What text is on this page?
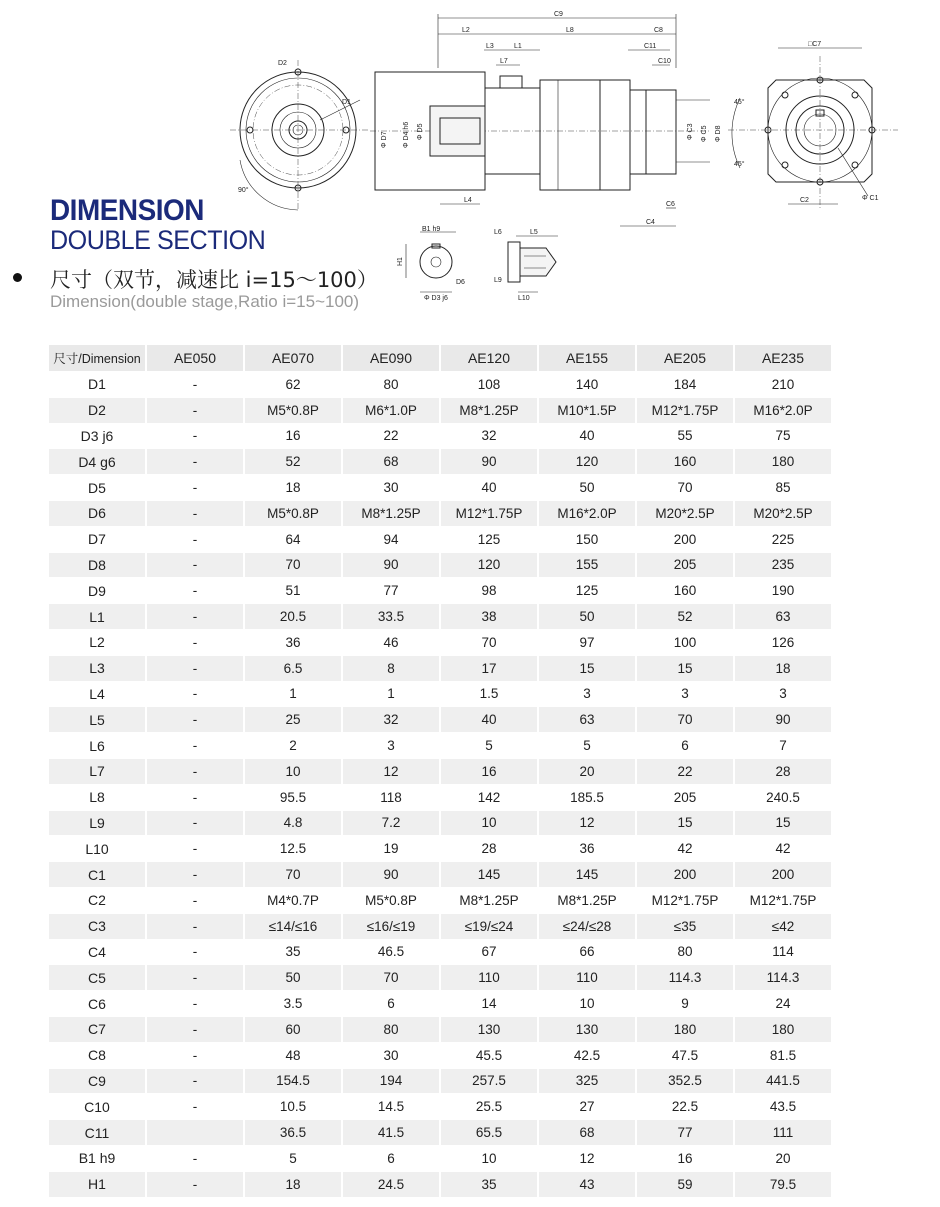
D1
D2
90°
C9
L2	L8	C8
L3	L1	C11
L7	C10
Φ D7 Φ D4 h6 Φ D5	Φ C3 Φ C5 Φ D8
L4
C4
C6
□C7
45°
45°
Φ C1
C2
B1 h9
H1
Φ D3 j6
D6
L6	L5
L9
L10
DIMENSION
DOUBLE SECTION
尺寸（双节，减速比 i=15～100）
Dimension(double stage,Ratio i=15~100)
尺寸/Dimension	AE050	AE070	AE090	AE120	AE155	AE205	AE235
D1	-	62	80	108	140	184	210
D2	-	M5*0.8P	M6*1.0P	M8*1.25P	M10*1.5P	M12*1.75P	M16*2.0P
D3 j6	-	16	22	32	40	55	75
D4 g6	-	52	68	90	120	160	180
D5	-	18	30	40	50	70	85
D6	-	M5*0.8P	M8*1.25P	M12*1.75P	M16*2.0P	M20*2.5P	M20*2.5P
D7	-	64	94	125	150	200	225
D8	-	70	90	120	155	205	235
D9	-	51	77	98	125	160	190
L1	-	20.5	33.5	38	50	52	63
L2	-	36	46	70	97	100	126
L3	-	6.5	8	17	15	15	18
L4	-	1	1	1.5	3	3	3
L5	-	25	32	40	63	70	90
L6	-	2	3	5	5	6	7
L7	-	10	12	16	20	22	28
L8	-	95.5	118	142	185.5	205	240.5
L9	-	4.8	7.2	10	12	15	15
L10	-	12.5	19	28	36	42	42
C1	-	70	90	145	145	200	200
C2	-	M4*0.7P	M5*0.8P	M8*1.25P	M8*1.25P	M12*1.75P	M12*1.75P
C3	-	≤14/≤16	≤16/≤19	≤19/≤24	≤24/≤28	≤35	≤42
C4	-	35	46.5	67	66	80	114
C5	-	50	70	110	110	114.3	114.3
C6	-	3.5	6	14	10	9	24
C7	-	60	80	130	130	180	180
C8	-	48	30	45.5	42.5	47.5	81.5
C9	-	154.5	194	257.5	325	352.5	441.5
C10	-	10.5	14.5	25.5	27	22.5	43.5
C11		36.5	41.5	65.5	68	77	111
B1 h9	-	5	6	10	12	16	20
H1	-	18	24.5	35	43	59	79.5
